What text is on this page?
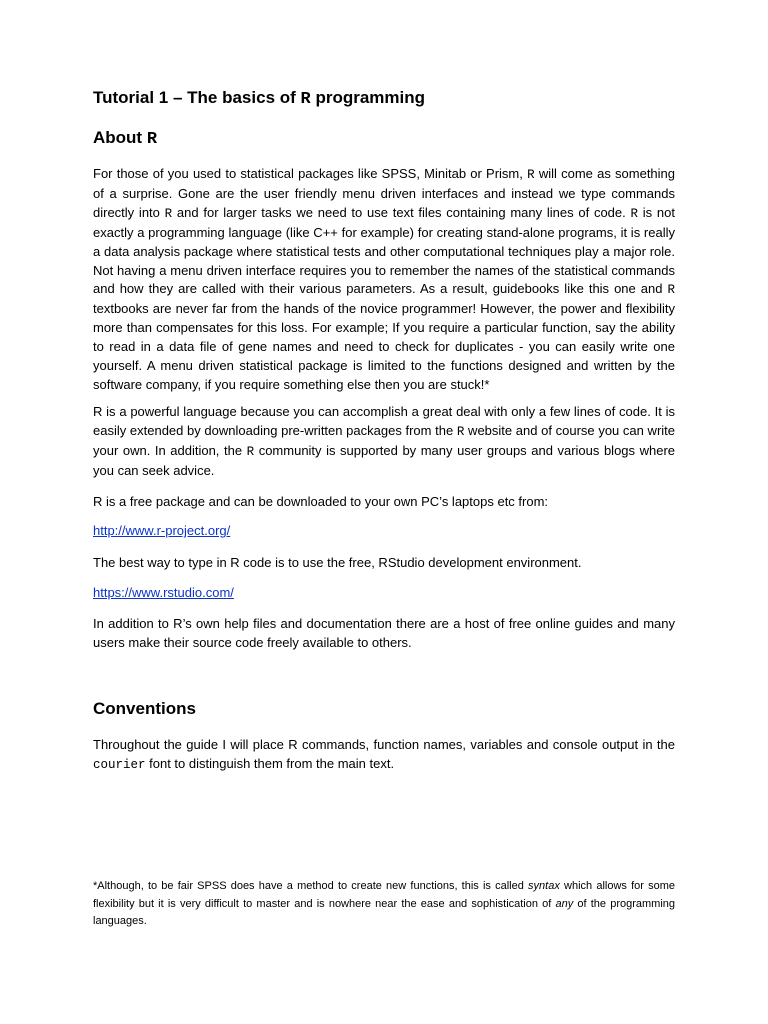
Tutorial 1 – The basics of R programming
About R

For those of you used to statistical packages like SPSS, Minitab or Prism, R will come as something of a surprise. Gone are the user friendly menu driven interfaces and instead we type commands directly into R and for larger tasks we need to use text files containing many lines of code. R is not exactly a programming language (like C++ for example) for creating stand-alone programs, it is really a data analysis package where statistical tests and other computational techniques play a major role. Not having a menu driven interface requires you to remember the names of the statistical commands and how they are called with their various parameters. As a result, guidebooks like this one and R textbooks are never far from the hands of the novice programmer! However, the power and flexibility more than compensates for this loss. For example; If you require a particular function, say the ability to read in a data file of gene names and need to check for duplicates - you can easily write one yourself. A menu driven statistical package is limited to the functions designed and written by the software company, if you require something else then you are stuck!*

R is a powerful language because you can accomplish a great deal with only a few lines of code. It is easily extended by downloading pre-written packages from the R website and of course you can write your own. In addition, the R community is supported by many user groups and various blogs where you can seek advice.

R is a free package and can be downloaded to your own PC’s laptops etc from:

http://www.r-project.org/

The best way to type in R code is to use the free, RStudio development environment.

https://www.rstudio.com/

In addition to R’s own help files and documentation there are a host of free online guides and many users make their source code freely available to others.

Conventions

Throughout the guide I will place R commands, function names, variables and console output in the courier font to distinguish them from the main text.

*Although, to be fair SPSS does have a method to create new functions, this is called syntax which allows for some flexibility but it is very difficult to master and is nowhere near the ease and sophistication of any of the programming languages.
